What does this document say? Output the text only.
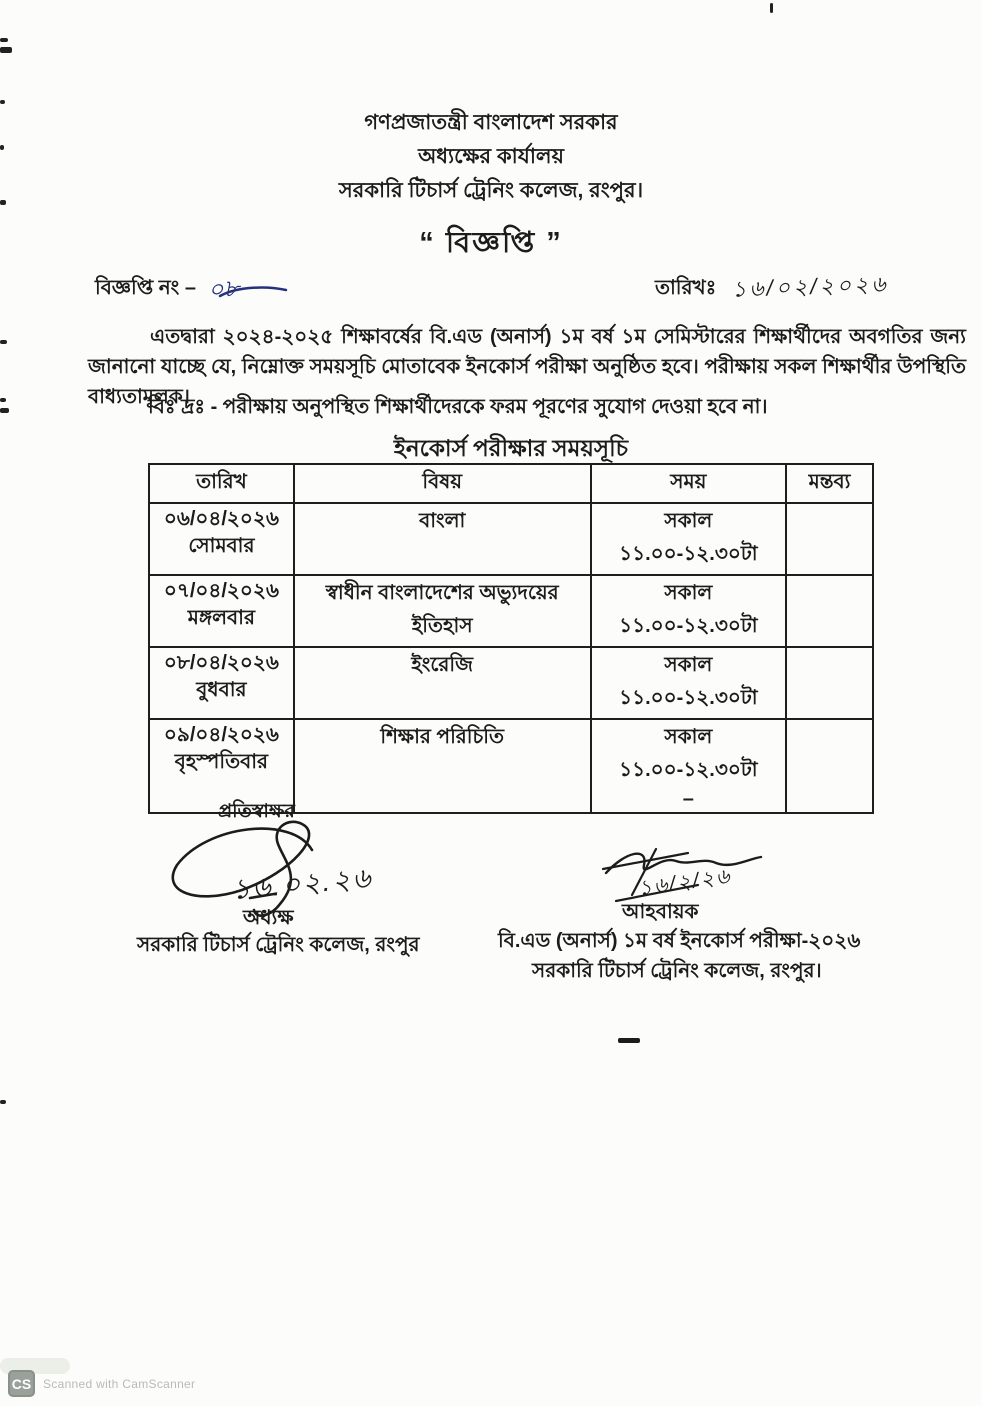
গণপ্রজাতন্ত্রী বাংলাদেশ সরকার
অধ্যক্ষের কার্যালয়
সরকারি টিচার্স ট্রেনিং কলেজ, রংপুর।
“ বিজ্ঞপ্তি ”
বিজ্ঞপ্তি নং – ০৮	তারিখঃ ১৬/০২/২০২৬
এতদ্বারা ২০২৪-২০২৫ শিক্ষাবর্ষের বি.এড (অনার্স) ১ম বর্ষ ১ম সেমিস্টারের শিক্ষার্থীদের অবগতির জন্য জানানো যাচ্ছে যে, নিম্নোক্ত সময়সূচি মোতাবেক ইনকোর্স পরীক্ষা অনুষ্ঠিত হবে। পরীক্ষায় সকল শিক্ষার্থীর উপস্থিতি বাধ্যতামূলক।
বিঃ দ্রঃ - পরীক্ষায় অনুপস্থিত শিক্ষার্থীদেরকে ফরম পূরণের সুযোগ দেওয়া হবে না।
ইনকোর্স পরীক্ষার সময়সূচি
তারিখ	বিষয়	সময়	মন্তব্য

০৬/০৪/২০২৬
সোমবার	বাংলা	সকাল ১১.০০-১২.৩০টা	

০৭/০৪/২০২৬
মঙ্গলবার	স্বাধীন বাংলাদেশের অভ্যুদয়ের ইতিহাস	সকাল ১১.০০-১২.৩০টা	

০৮/০৪/২০২৬
বুধবার	ইংরেজি	সকাল ১১.০০-১২.৩০টা	

০৯/০৪/২০২৬
বৃহস্পতিবার	শিক্ষার পরিচিতি	সকাল ১১.০০-১২.৩০টা
–	

প্রতিস্বাক্ষর
১৬.০২.২৬
অধ্যক্ষ
সরকারি টিচার্স ট্রেনিং কলেজ, রংপুর
১৬/২/২৬
আহবায়ক
বি.এড (অনার্স) ১ম বর্ষ ইনকোর্স পরীক্ষা-২০২৬
সরকারি টিচার্স ট্রেনিং কলেজ, রংপুর।
CS Scanned with CamScanner
